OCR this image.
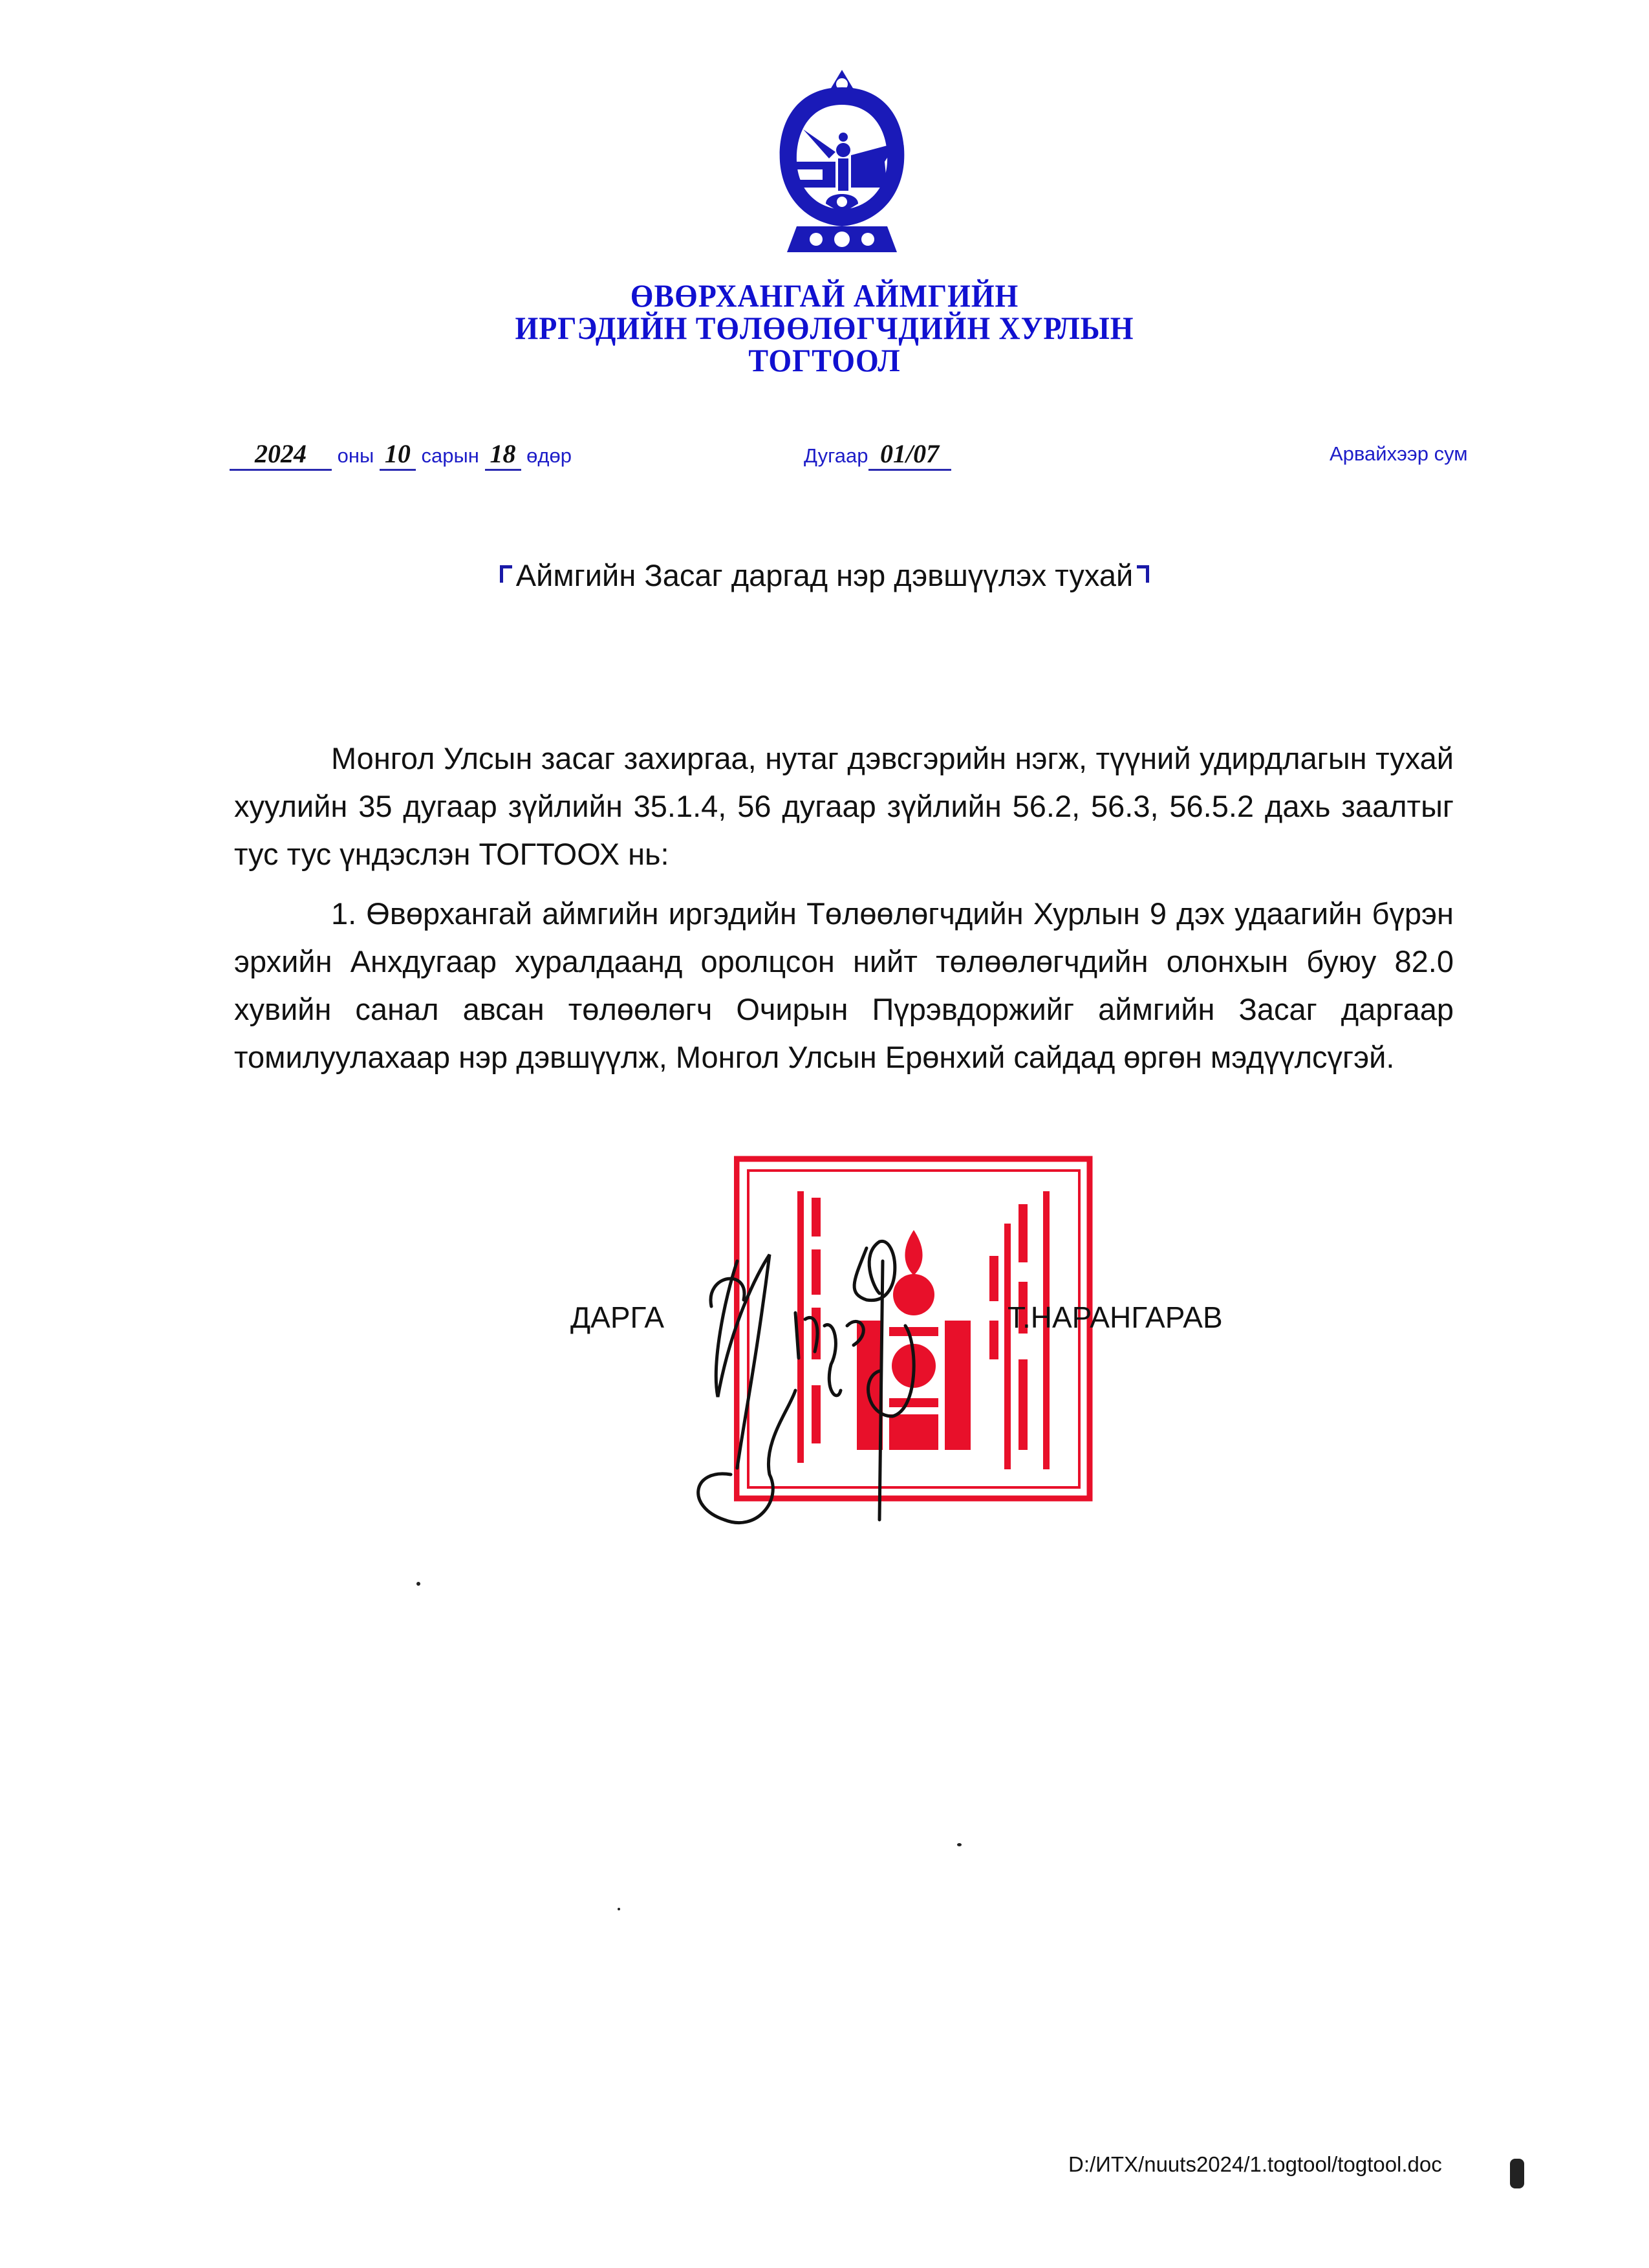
ӨВӨРХАНГАЙ АЙМГИЙН
ИРГЭДИЙН ТӨЛӨӨЛӨГЧДИЙН ХУРЛЫН
ТОГТООЛ
2024 оны 10 сарын 18 өдөр	Дугаар 01/07	Арвайхээр сум
Аймгийн Засаг даргад нэр дэвшүүлэх тухай

Монгол Улсын засаг захиргаа, нутаг дэвсгэрийн нэгж, түүний удирдлагын тухай хуулийн 35 дугаар зүйлийн 35.1.4, 56 дугаар зүйлийн 56.2, 56.3, 56.5.2 дахь заалтыг тус тус үндэслэн ТОГТООХ нь:

1. Өвөрхангай аймгийн иргэдийн Төлөөлөгчдийн Хурлын 9 дэх удаагийн бүрэн эрхийн Анхдугаар хуралдаанд оролцсон нийт төлөөлөгчдийн олонхын буюу 82.0 хувийн санал авсан төлөөлөгч Очирын Пүрэвдоржийг аймгийн Засаг даргаар томилуулахаар нэр дэвшүүлж, Монгол Улсын Ерөнхий сайдад өргөн мэдүүлсүгэй.

ДАРГА	Т.НАРАНГАРАВ
D:/ИТХ/nuuts2024/1.togtool/togtool.doc
